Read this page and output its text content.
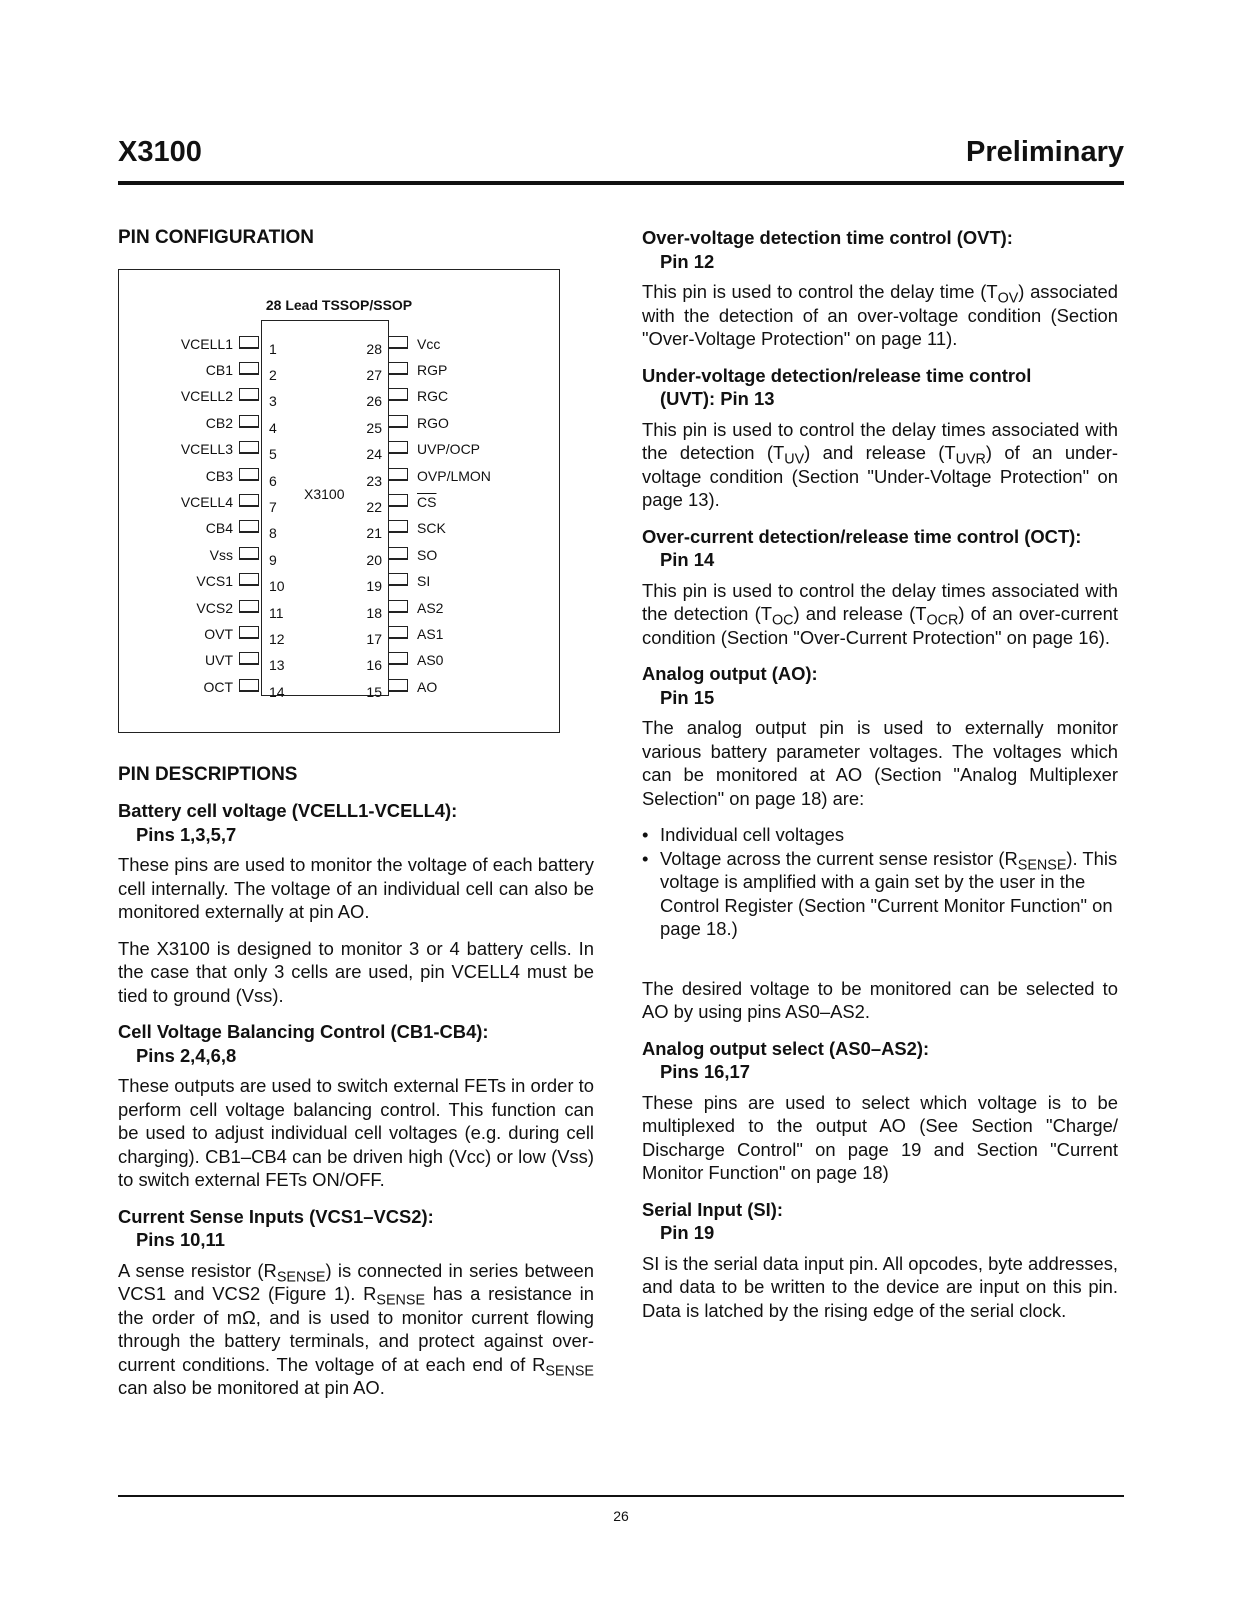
X3100	Preliminary
PIN CONFIGURATION
28 Lead TSSOP/SSOP
X3100
VCELL1	1
CB1	2
VCELL2	3
CB2	4
VCELL3	5
CB3	6
VCELL4	7
CB4	8
Vss	9
VCS1	10
VCS2	11
OVT	12
UVT	13
OCT	14
28	Vcc
27	RGP
26	RGC
25	RGO
24	UVP/OCP
23	OVP/LMON
22	$\overline{CS}$
21	SCK
20	SO
19	SI
18	AS2
17	AS1
16	AS0
15	AO
PIN DESCRIPTIONS
Battery cell voltage (VCELL1-VCELL4):
Pins 1,3,5,7

These pins are used to monitor the voltage of each battery cell internally. The voltage of an individual cell can also be monitored externally at pin AO.

The X3100 is designed to monitor 3 or 4 battery cells. In the case that only 3 cells are used, pin VCELL4 must be tied to ground (Vss).

Cell Voltage Balancing Control (CB1-CB4):
Pins 2,4,6,8

These outputs are used to switch external FETs in order to perform cell voltage balancing control. This function can be used to adjust individual cell voltages (e.g. during cell charging). CB1–CB4 can be driven high (Vcc) or low (Vss) to switch external FETs ON/OFF.

Current Sense Inputs (VCS1–VCS2):
Pins 10,11

A sense resistor $(R_{SENSE})$ is connected in series between VCS1 and VCS2 (Figure 1). $R_{SENSE}$ has a resistance in the order of mΩ, and is used to monitor current flowing through the battery terminals, and protect against over-current conditions. The voltage of at each end of $R_{SENSE}$ can also be monitored at pin AO.

Over-voltage detection time control (OVT):
Pin 12

This pin is used to control the delay time $(T_{OV})$ associated with the detection of an over-voltage condition (Section "Over-Voltage Protection" on page 11).

Under-voltage detection/release time control
(UVT): Pin 13

This pin is used to control the delay times associated with the detection $(T_{UV})$ and release $(T_{UVR})$ of an under-voltage condition (Section "Under-Voltage Protection" on page 13).

Over-current detection/release time control (OCT):
Pin 14

This pin is used to control the delay times associated with the detection $(T_{OC})$ and release $(T_{OCR})$ of an over-current condition (Section "Over-Current Protection" on page 16).

Analog output (AO):
Pin 15

The analog output pin is used to externally monitor various battery parameter voltages. The voltages which can be monitored at AO (Section "Analog Multiplexer Selection" on page 18) are:

• Individual cell voltages
• Voltage across the current sense resistor $(R_{SENSE})$. This voltage is amplified with a gain set by the user in the Control Register (Section "Current Monitor Function" on page 18.)

The desired voltage to be monitored can be selected to AO by using pins AS0–AS2.

Analog output select (AS0–AS2):
Pins 16,17

These pins are used to select which voltage is to be multiplexed to the output AO (See Section "Charge/ Discharge Control" on page 19 and Section "Current Monitor Function" on page 18)

Serial Input (SI):
Pin 19

SI is the serial data input pin. All opcodes, byte addresses, and data to be written to the device are input on this pin. Data is latched by the rising edge of the serial clock.

26
